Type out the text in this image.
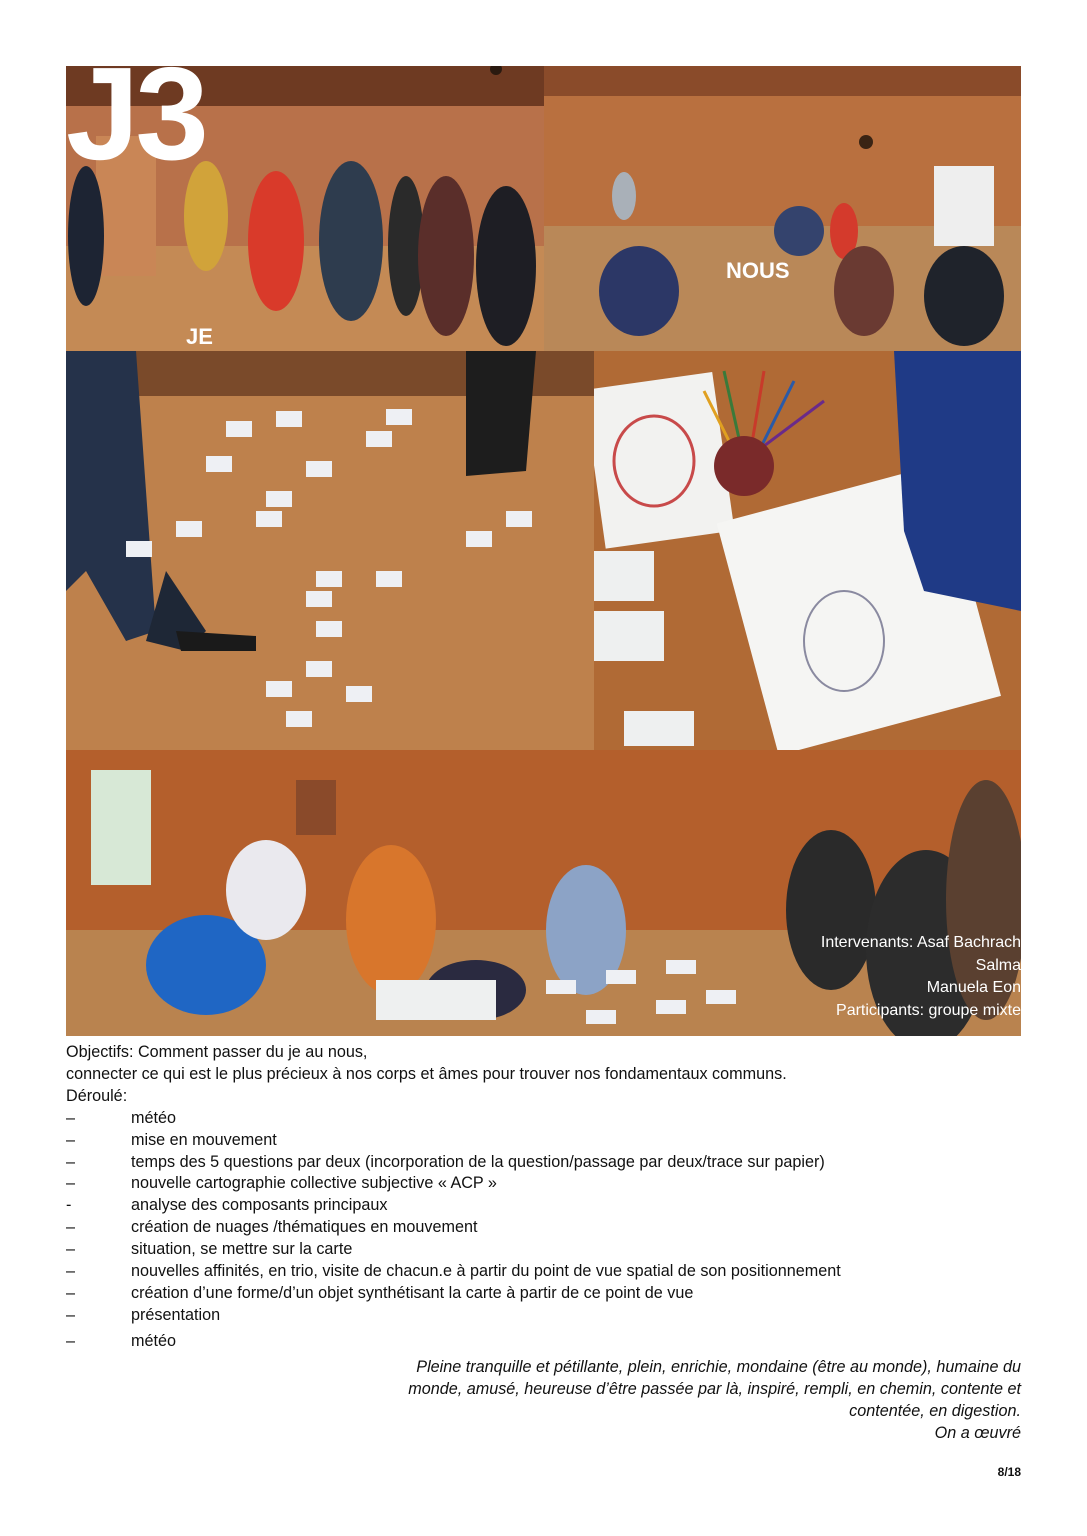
J3
JE
NOUS
Intervenants: Asaf Bachrach
Salma
Manuela Eon
Participants: groupe mixte

Objectifs: Comment passer du je au nous,

connecter ce qui est le plus précieux à nos corps et âmes pour trouver nos fondamentaux communs.

Déroulé:

–	météo
–	mise en mouvement
–	temps des 5 questions par deux (incorporation de la question/passage par deux/trace sur papier)
–	nouvelle cartographie collective subjective « ACP »
-	analyse des composants principaux
–	création de nuages /thématiques en mouvement
–	situation, se mettre sur la carte
–	nouvelles affinités, en trio, visite de chacun.e à partir du point de vue spatial de son positionnement
–	création d’une forme/d’un objet synthétisant la carte à partir de ce point de vue
–	présentation
–	météo
Pleine tranquille et pétillante, plein, enrichie, mondaine (être au monde), humaine du
monde, amusé, heureuse d’être passée par là, inspiré, rempli, en chemin, contente et
contentée, en digestion.
On a œuvré
8/18
